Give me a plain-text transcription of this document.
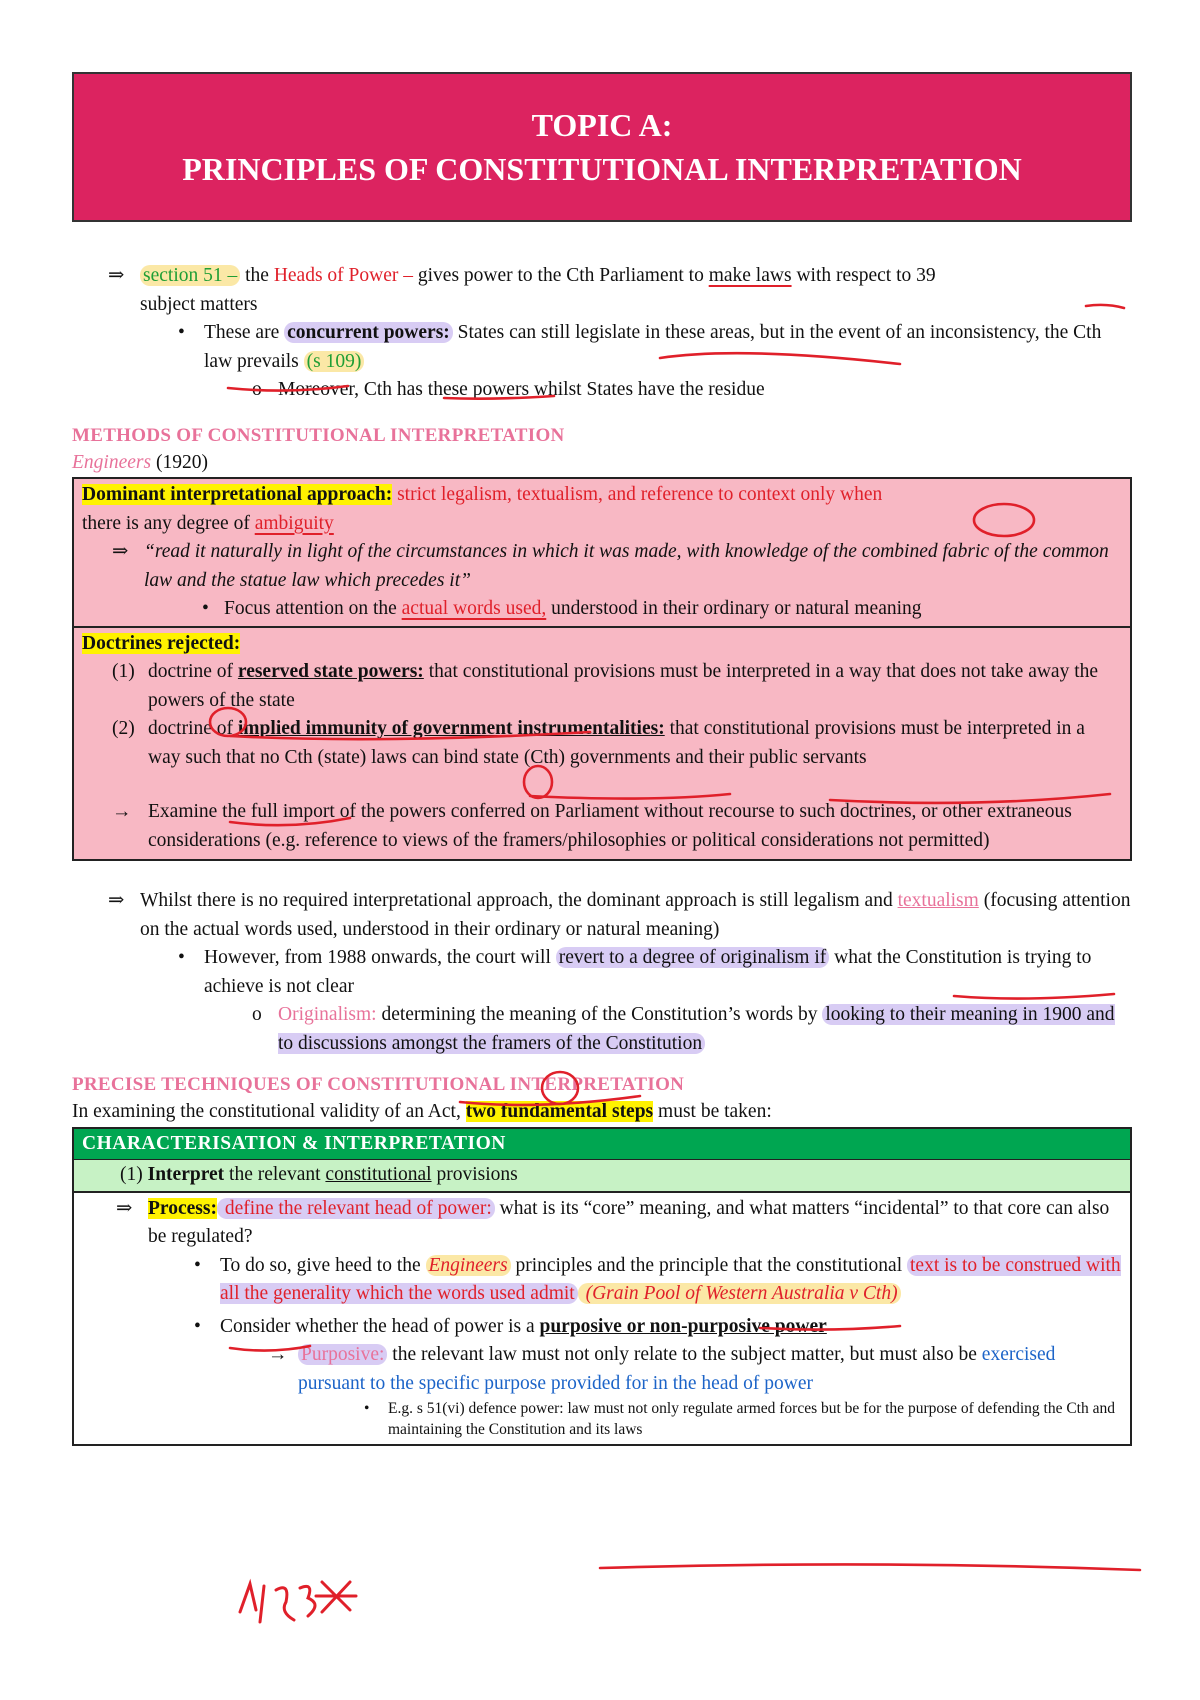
TOPIC A:
PRINCIPLES OF CONSTITUTIONAL INTERPRETATION
⇒ section 51 – the Heads of Power – gives power to the Cth Parliament to make laws with respect to 39
subject matters
• These are concurrent powers: States can still legislate in these areas, but in the event of an inconsistency, the Cth law prevails (s 109)
o Moreover, Cth has these powers whilst States have the residue
METHODS OF CONSTITUTIONAL INTERPRETATION
Engineers (1920)
Dominant interpretational approach: strict legalism, textualism, and reference to context only when
there is any degree of ambiguity
⇒ “read it naturally in light of the circumstances in which it was made, with knowledge of the combined fabric of the common law and the statue law which precedes it”
• Focus attention on the actual words used, understood in their ordinary or natural meaning
Doctrines rejected:
(1) doctrine of reserved state powers: that constitutional provisions must be interpreted in a way that does not take away the powers of the state
(2) doctrine of implied immunity of government instrumentalities: that constitutional provisions must be interpreted in a way such that no Cth (state) laws can bind state (Cth) governments and their public servants
→ Examine the full import of the powers conferred on Parliament without recourse to such doctrines, or other extraneous considerations (e.g. reference to views of the framers/philosophies or political considerations not permitted)
⇒ Whilst there is no required interpretational approach, the dominant approach is still legalism and textualism (focusing attention on the actual words used, understood in their ordinary or natural meaning)
• However, from 1988 onwards, the court will revert to a degree of originalism if what the Constitution is trying to achieve is not clear
o Originalism: determining the meaning of the Constitution’s words by looking to their meaning in 1900 and to discussions amongst the framers of the Constitution
PRECISE TECHNIQUES OF CONSTITUTIONAL INTERPRETATION
In examining the constitutional validity of an Act, two fundamental steps must be taken:
CHARACTERISATION & INTERPRETATION
(1) Interpret the relevant constitutional provisions
⇒ Process: define the relevant head of power: what is its “core” meaning, and what matters “incidental” to that core can also be regulated?
• To do so, give heed to the Engineers principles and the principle that the constitutional text is to be construed with all the generality which the words used admit (Grain Pool of Western Australia v Cth)
• Consider whether the head of power is a purposive or non-purposive power
→ Purposive: the relevant law must not only relate to the subject matter, but must also be exercised pursuant to the specific purpose provided for in the head of power
•	E.g. s 51(vi) defence power: law must not only regulate armed forces but be for the purpose of defending the Cth and maintaining the Constitution and its laws
